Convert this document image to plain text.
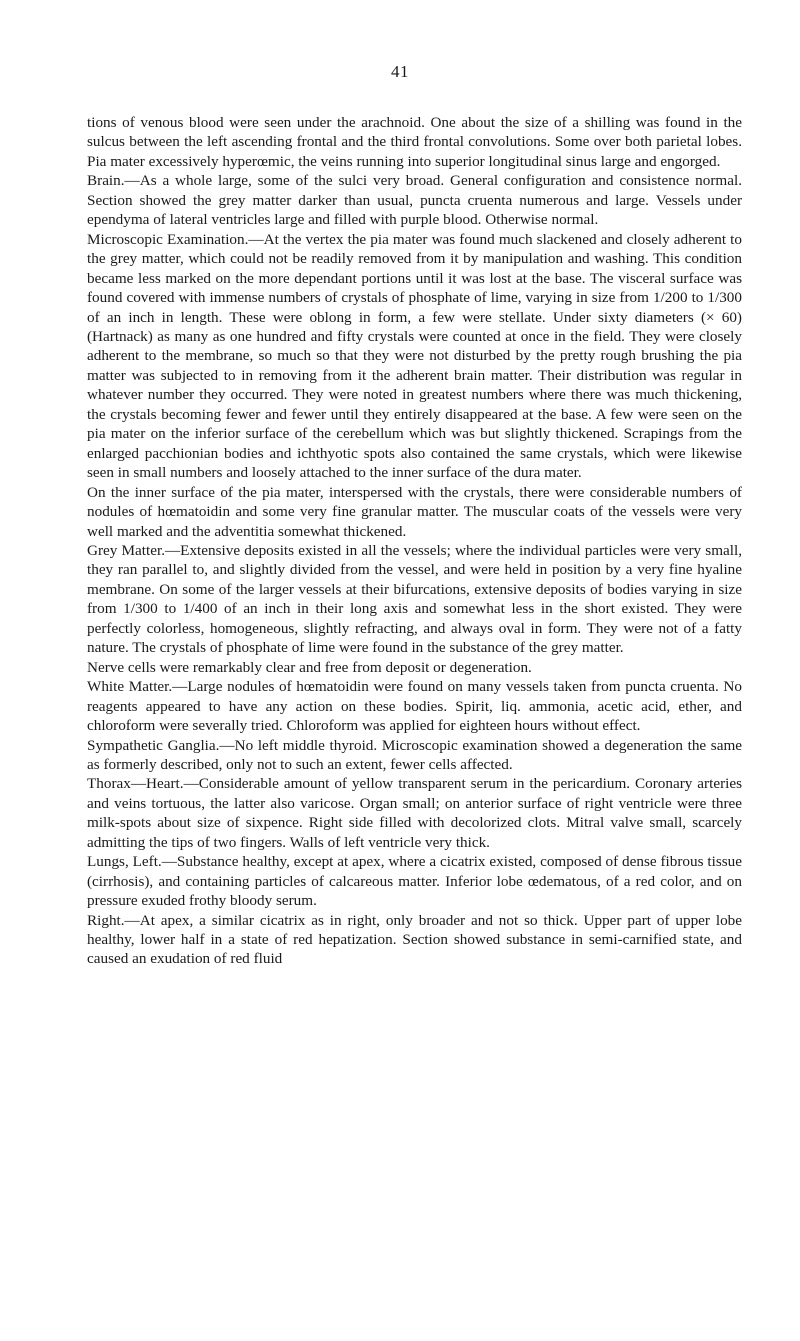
41

tions of venous blood were seen under the arachnoid. One about the size of a shilling was found in the sulcus between the left ascending frontal and the third frontal convolutions. Some over both parietal lobes. Pia mater excessively hyperœmic, the veins running into superior longitudinal sinus large and engorged.

Brain.—As a whole large, some of the sulci very broad. General configuration and consistence normal. Section showed the grey matter darker than usual, puncta cruenta numerous and large. Vessels under ependyma of lateral ventricles large and filled with purple blood. Otherwise normal.

Microscopic Examination.—At the vertex the pia mater was found much slackened and closely adherent to the grey matter, which could not be readily removed from it by manipulation and washing. This condition became less marked on the more dependant portions until it was lost at the base. The visceral surface was found covered with immense numbers of crystals of phosphate of lime, varying in size from 1/200 to 1/300 of an inch in length. These were oblong in form, a few were stellate. Under sixty diameters (× 60) (Hartnack) as many as one hundred and fifty crystals were counted at once in the field. They were closely adherent to the membrane, so much so that they were not disturbed by the pretty rough brushing the pia matter was subjected to in removing from it the adherent brain matter. Their distribution was regular in whatever number they occurred. They were noted in greatest numbers where there was much thickening, the crystals becoming fewer and fewer until they entirely disappeared at the base. A few were seen on the pia mater on the inferior surface of the cerebellum which was but slightly thickened. Scrapings from the enlarged pacchionian bodies and ichthyotic spots also contained the same crystals, which were likewise seen in small numbers and loosely attached to the inner surface of the dura mater.

On the inner surface of the pia mater, interspersed with the crystals, there were considerable numbers of nodules of hœmatoidin and some very fine granular matter. The muscular coats of the vessels were very well marked and the adventitia somewhat thickened.

Grey Matter.—Extensive deposits existed in all the vessels; where the individual particles were very small, they ran parallel to, and slightly divided from the vessel, and were held in position by a very fine hyaline membrane. On some of the larger vessels at their bifurcations, extensive deposits of bodies varying in size from 1/300 to 1/400 of an inch in their long axis and somewhat less in the short existed. They were perfectly colorless, homogeneous, slightly refracting, and always oval in form. They were not of a fatty nature. The crystals of phosphate of lime were found in the substance of the grey matter.

Nerve cells were remarkably clear and free from deposit or degeneration.

White Matter.—Large nodules of hœmatoidin were found on many vessels taken from puncta cruenta. No reagents appeared to have any action on these bodies. Spirit, liq. ammonia, acetic acid, ether, and chloroform were severally tried. Chloroform was applied for eighteen hours without effect.

Sympathetic Ganglia.—No left middle thyroid. Microscopic examination showed a degeneration the same as formerly described, only not to such an extent, fewer cells affected.

Thorax—Heart.—Considerable amount of yellow transparent serum in the pericardium. Coronary arteries and veins tortuous, the latter also varicose. Organ small; on anterior surface of right ventricle were three milk-spots about size of sixpence. Right side filled with decolorized clots. Mitral valve small, scarcely admitting the tips of two fingers. Walls of left ventricle very thick.

Lungs, Left.—Substance healthy, except at apex, where a cicatrix existed, composed of dense fibrous tissue (cirrhosis), and containing particles of calcareous matter. Inferior lobe œdematous, of a red color, and on pressure exuded frothy bloody serum.

Right.—At apex, a similar cicatrix as in right, only broader and not so thick. Upper part of upper lobe healthy, lower half in a state of red hepatization. Section showed substance in semi-carnified state, and caused an exudation of red fluid
